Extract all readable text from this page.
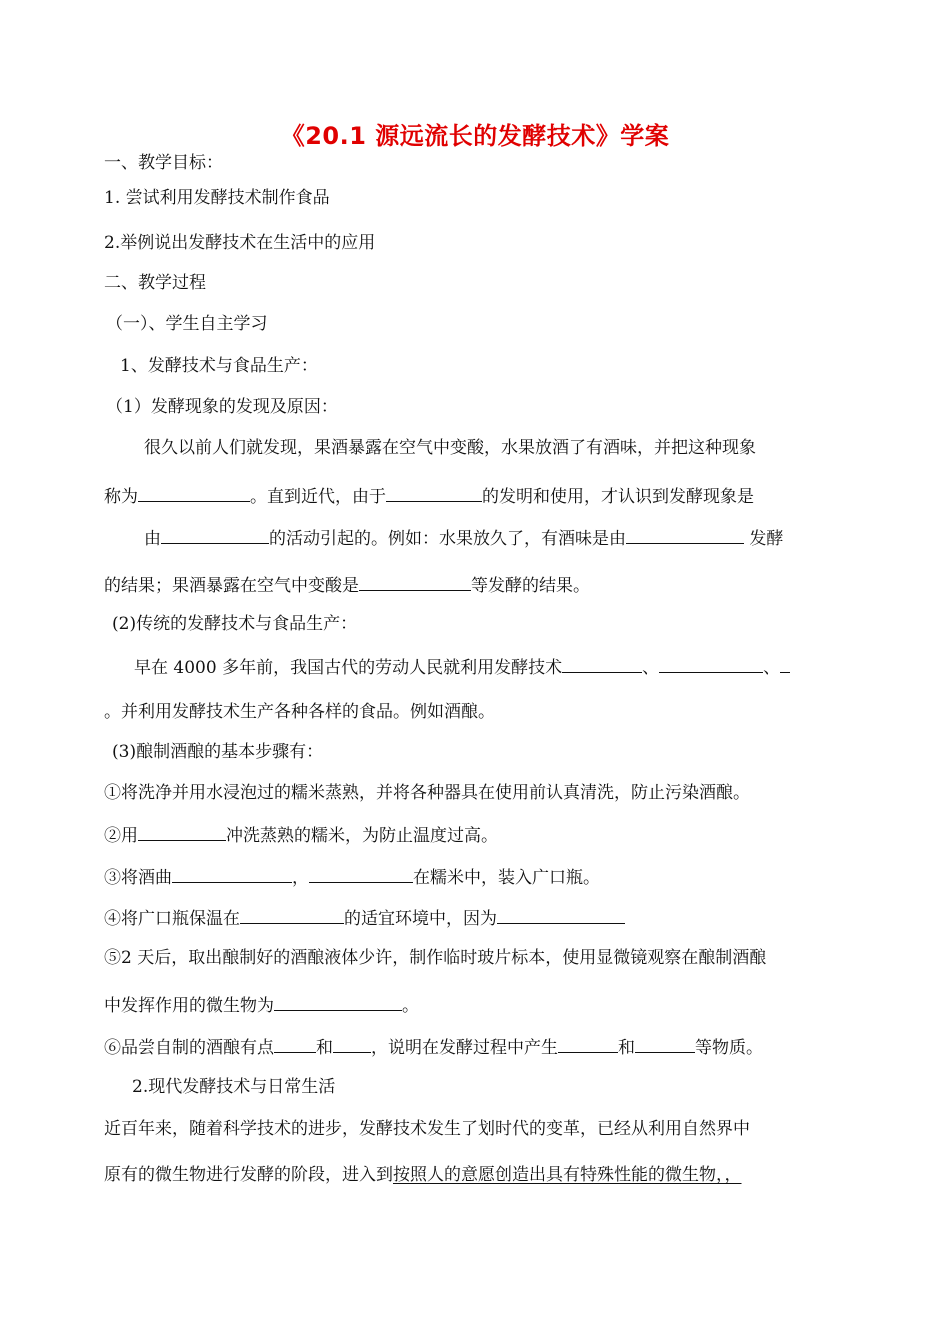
《20.1 源远流长的发酵技术》学案
一、教学目标：
1. 尝试利用发酵技术制作食品
2.举例说出发酵技术在生活中的应用
二、教学过程
（一）、学生自主学习
1、发酵技术与食品生产：
（1）发酵现象的发现及原因：
很久以前人们就发现，果酒暴露在空气中变酸，水果放酒了有酒味，并把这种现象
称为	。直到近代，由于	的发明和使用，才认识到发酵现象是
由	的活动引起的。例如：水果放久了，有酒味是由	发酵
的结果；果酒暴露在空气中变酸是	等发酵的结果。
(2)传统的发酵技术与食品生产：
早在 4000 多年前，我国古代的劳动人民就利用发酵技术	、	、
。并利用发酵技术生产各种各样的食品。例如酒酿。
(3)酿制酒酿的基本步骤有：
①将洗净并用水浸泡过的糯米蒸熟，并将各种器具在使用前认真清洗，防止污染酒酿。
②用	冲洗蒸熟的糯米，为防止温度过高。
③将酒曲	，	在糯米中，装入广口瓶。
④将广口瓶保温在	的适宜环境中，因为
⑤2 天后，取出酿制好的酒酿液体少许，制作临时玻片标本，使用显微镜观察在酿制酒酿
中发挥作用的微生物为	。
⑥品尝自制的酒酿有点 和 ，说明在发酵过程中产生	和	等物质。
2.现代发酵技术与日常生活
近百年来，随着科学技术的进步，发酵技术发生了划时代的变革，已经从利用自然界中
原有的微生物进行发酵的阶段，进入到按照人的意愿创造出具有特殊性能的微生物，，
